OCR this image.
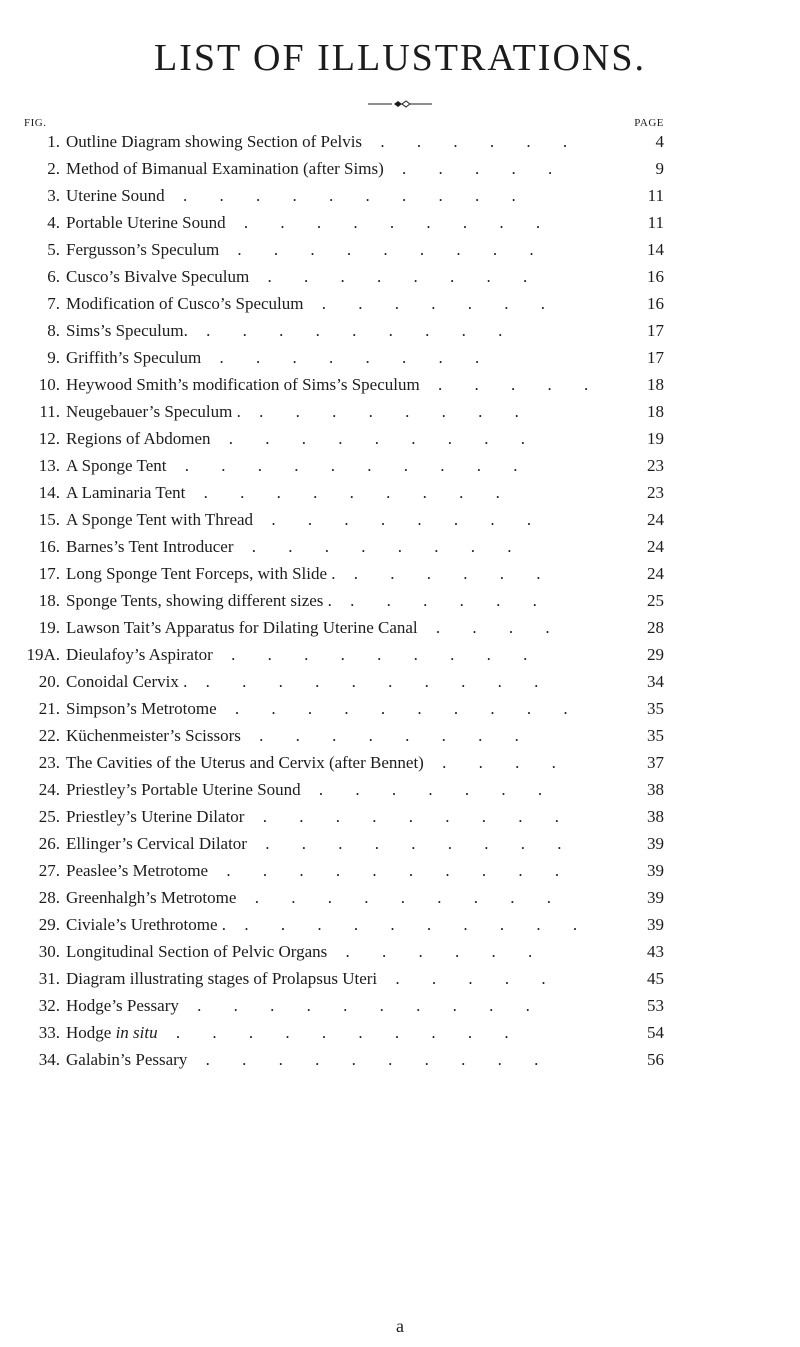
LIST OF ILLUSTRATIONS.
FIG.	PAGE
1. Outline Diagram showing Section of Pelvis . . . . . .	4
2. Method of Bimanual Examination (after Sims) . . . . .	9
3. Uterine Sound . . . . . . . . . .	11
4. Portable Uterine Sound . . . . . . . . .	11
5. Fergusson’s Speculum . . . . . . . . .	14
6. Cusco’s Bivalve Speculum . . . . . . . .	16
7. Modification of Cusco’s Speculum . . . . . . .	16
8. Sims’s Speculum. . . . . . . . . .	17
9. Griffith’s Speculum . . . . . . . .	17
10. Heywood Smith’s modification of Sims’s Speculum . . . . .	18
11. Neugebauer’s Speculum . . . . . . . . .	18
12. Regions of Abdomen . . . . . . . . .	19
13. A Sponge Tent . . . . . . . . . .	23
14. A Laminaria Tent . . . . . . . . .	23
15. A Sponge Tent with Thread . . . . . . . .	24
16. Barnes’s Tent Introducer . . . . . . . .	24
17. Long Sponge Tent Forceps, with Slide . . . . . . .	24
18. Sponge Tents, showing different sizes . . . . . . .	25
19. Lawson Tait’s Apparatus for Dilating Uterine Canal . . . .	28
19A. Dieulafoy’s Aspirator . . . . . . . . .	29
20. Conoidal Cervix . . . . . . . . . . .	34
21. Simpson’s Metrotome . . . . . . . . . .	35
22. Küchenmeister’s Scissors . . . . . . . .	35
23. The Cavities of the Uterus and Cervix (after Bennet) . . . .	37
24. Priestley’s Portable Uterine Sound . . . . . . .	38
25. Priestley’s Uterine Dilator . . . . . . . . .	38
26. Ellinger’s Cervical Dilator . . . . . . . . .	39
27. Peaslee’s Metrotome . . . . . . . . . .	39
28. Greenhalgh’s Metrotome . . . . . . . . .	39
29. Civiale’s Urethrotome . . . . . . . . . . .	39
30. Longitudinal Section of Pelvic Organs . . . . . .	43
31. Diagram illustrating stages of Prolapsus Uteri . . . . .	45
32. Hodge’s Pessary . . . . . . . . . .	53
33. Hodge in situ . . . . . . . . . .	54
34. Galabin’s Pessary . . . . . . . . . .	56
a
